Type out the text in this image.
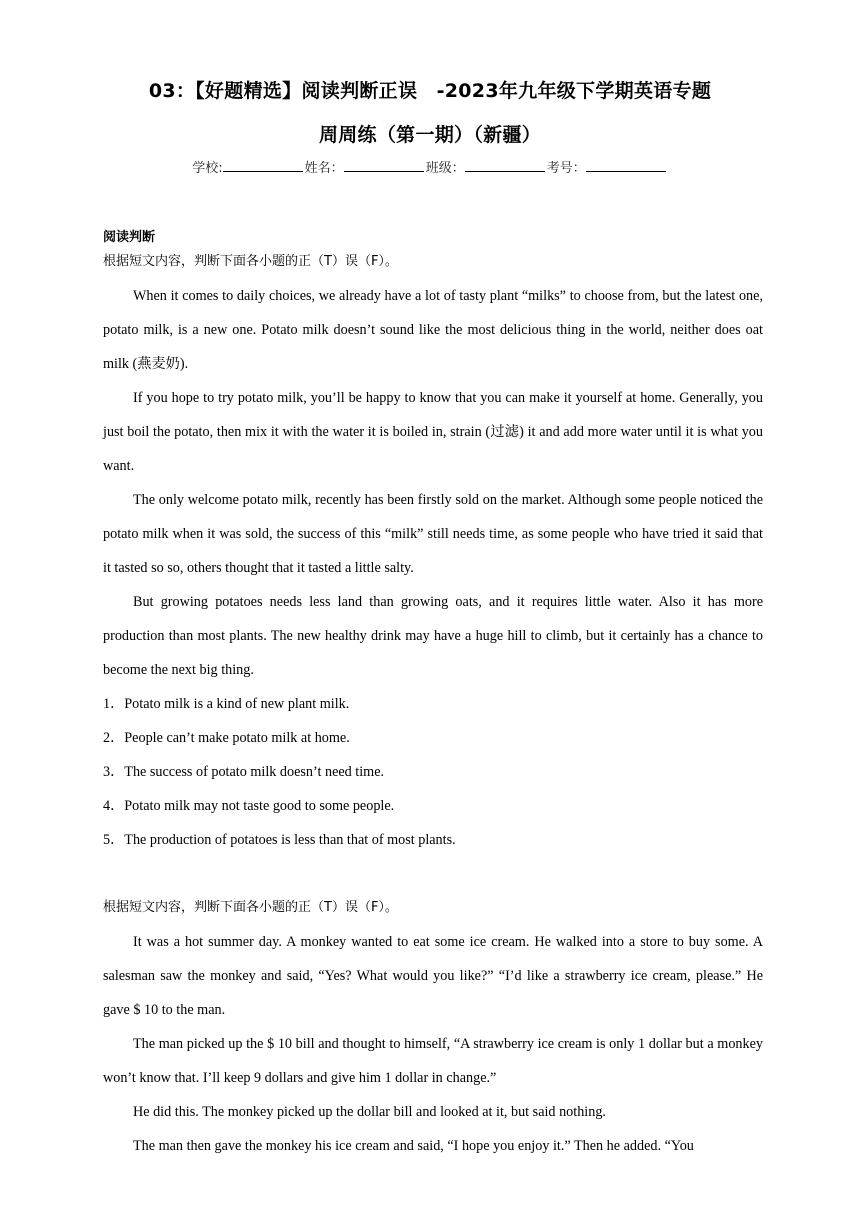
03：【好题精选】阅读判断正误　-2023年九年级下学期英语专题
周周练（第一期）（新疆）
学校:	姓名：	班级：	考号：
阅读判断

根据短文内容，判断下面各小题的正（T）误（F）。

When it comes to daily choices, we already have a lot of tasty plant “milks” to choose from, but the latest one, potato milk, is a new one. Potato milk doesn’t sound like the most delicious thing in the world, neither does oat milk (燕麦奶).

If you hope to try potato milk, you’ll be happy to know that you can make it yourself at home. Generally, you just boil the potato, then mix it with the water it is boiled in, strain (过滤) it and add more water until it is what you want.

The only welcome potato milk, recently has been firstly sold on the market. Although some people noticed the potato milk when it was sold, the success of this “milk” still needs time, as some people who have tried it said that it tasted so so, others thought that it tasted a little salty.

But growing potatoes needs less land than growing oats, and it requires little water. Also it has more production than most plants. The new healthy drink may have a huge hill to climb, but it certainly has a chance to become the next big thing.

1．Potato milk is a kind of new plant milk.

2．People can’t make potato milk at home.

3．The success of potato milk doesn’t need time.

4．Potato milk may not taste good to some people.

5．The production of potatoes is less than that of most plants.

根据短文内容，判断下面各小题的正（T）误（F）。

It was a hot summer day. A monkey wanted to eat some ice cream. He walked into a store to buy some. A salesman saw the monkey and said, “Yes? What would you like?” “I’d like a strawberry ice cream, please.” He gave $ 10 to the man.

The man picked up the $ 10 bill and thought to himself, “A strawberry ice cream is only 1 dollar but a monkey won’t know that. I’ll keep 9 dollars and give him 1 dollar in change.”

He did this. The monkey picked up the dollar bill and looked at it, but said nothing.

The man then gave the monkey his ice cream and said, “I hope you enjoy it.” Then he added. “You
